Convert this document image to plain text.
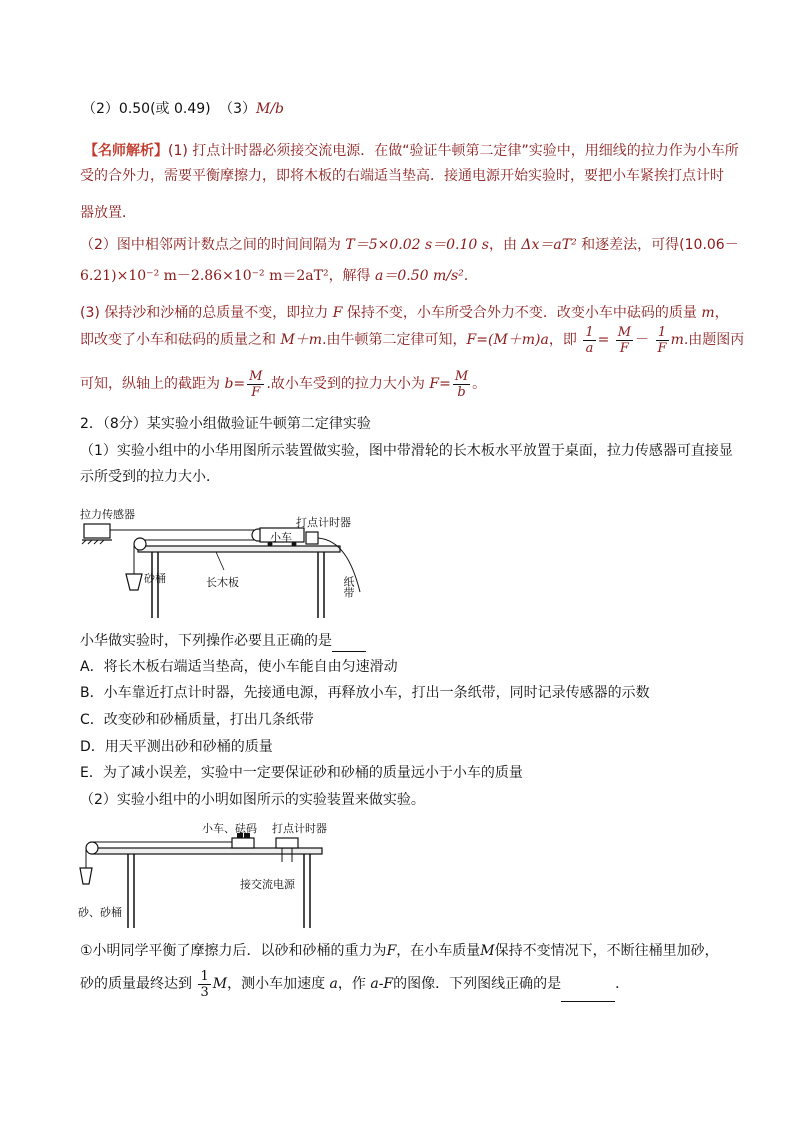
（2）0.50(或 0.49) （3）M/b
【名师解析】(1) 打点计时器必须接交流电源．在做“验证牛顿第二定律”实验中，用细线的拉力作为小车所
受的合外力，需要平衡摩擦力，即将木板的右端适当垫高．接通电源开始实验时，要把小车紧挨打点计时
器放置．
（2）图中相邻两计数点之间的时间间隔为 T＝5×0.02 s＝0.10 s，由 Δx＝aT² 和逐差法，可得(10.06－
6.21)×10⁻² m－2.86×10⁻² m＝2aT²，解得 a＝0.50 m/s².
(3) 保持沙和沙桶的总质量不变，即拉力 F 保持不变，小车所受合外力不变．改变小车中砝码的质量 m，
即改变了小车和砝码的质量之和 M＋m.由牛顿第二定律可知，F=(M＋m)a，即 $\frac{1}{a} = \frac{M}{F} - \frac{1}{F} m$.由题图丙
可知，纵轴上的截距为 $b= \frac{M}{F}$ .故小车受到的拉力大小为 $F= \frac{M}{b}$ 。
2．（8分）某实验小组做验证牛顿第二定律实验
（1）实验小组中的小华用图所示装置做实验，图中带滑轮的长木板水平放置于桌面，拉力传感器可直接显
示所受到的拉力大小．
拉力传感器
打点计时器
小车
砂桶	长木板	纸带
小华做实验时，下列操作必要且正确的是
A．将长木板右端适当垫高，使小车能自由匀速滑动
B．小车靠近打点计时器，先接通电源，再释放小车，打出一条纸带，同时记录传感器的示数
C．改变砂和砂桶质量，打出几条纸带
D．用天平测出砂和砂桶的质量
E．为了减小误差，实验中一定要保证砂和砂桶的质量远小于小车的质量
（2）实验小组中的小明如图所示的实验装置来做实验。
小车、砝码 打点计时器
接交流电源
砂、砂桶
①小明同学平衡了摩擦力后．以砂和砂桶的重力为F，在小车质量M保持不变情况下，不断往桶里加砂，
砂的质量最终达到 $\frac{1}{3}$ M，测小车加速度 a，作 a-F的图像．下列图线正确的是	．
